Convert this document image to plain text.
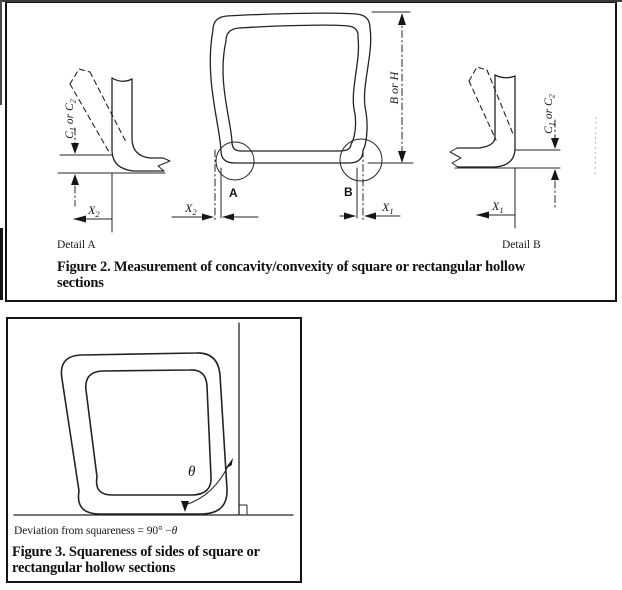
A	B
B or H
$X_2$	$X_1$
$C_1$ or $C_2$
$X_2$
$C_1$ or $C_2$
$X_1$
θ
Detail A	Detail B
Figure 2. Measurement of concavity/convexity of square or rectangular hollow
sections
Deviation from squareness = 90° −θ
Figure 3. Squareness of sides of square or
rectangular hollow sections
